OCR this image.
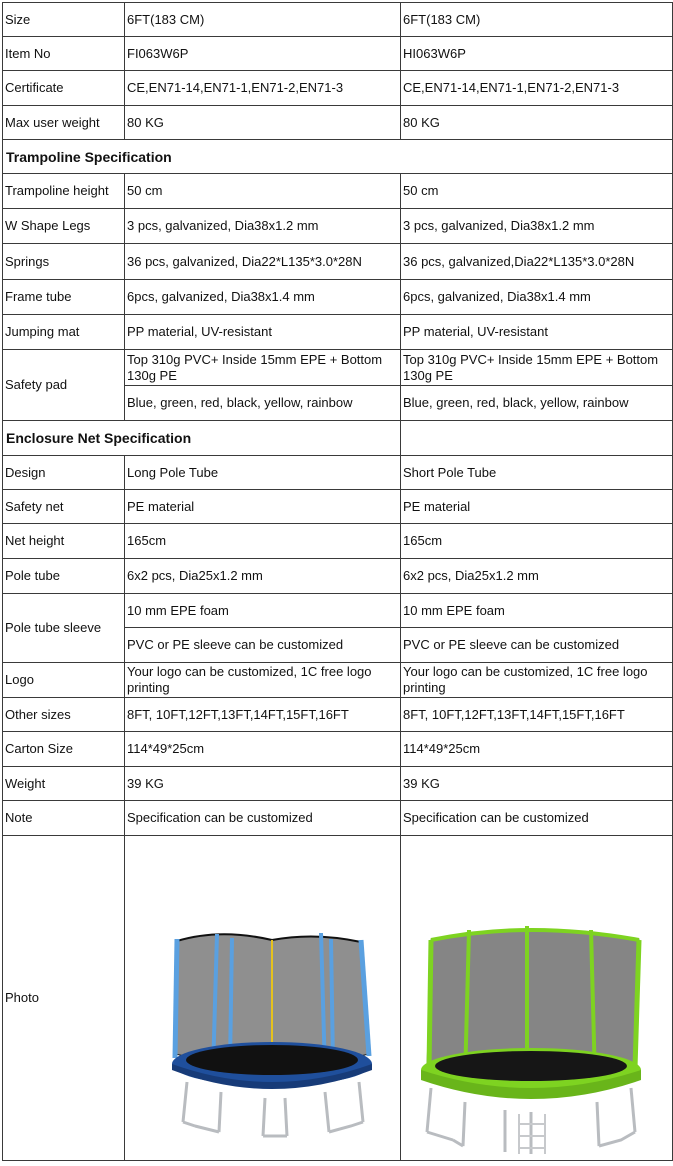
Size	6FT(183 CM)	6FT(183 CM)
Item No	FI063W6P	HI063W6P
Certificate	CE,EN71-14,EN71-1,EN71-2,EN71-3	CE,EN71-14,EN71-1,EN71-2,EN71-3
Max user weight	80 KG	80 KG
Trampoline Specification		
Trampoline height	50 cm	50 cm
W Shape Legs	3 pcs, galvanized, Dia38x1.2 mm	3 pcs, galvanized, Dia38x1.2 mm
Springs	36 pcs, galvanized, Dia22*L135*3.0*28N	36 pcs, galvanized,Dia22*L135*3.0*28N
Frame tube	6pcs, galvanized, Dia38x1.4 mm	6pcs, galvanized, Dia38x1.4 mm
Jumping mat	PP material, UV-resistant	PP material, UV-resistant
Safety pad	Top 310g PVC+ Inside 15mm EPE + Bottom 130g PE	Top 310g PVC+ Inside 15mm EPE + Bottom 130g PE
	Blue, green, red, black, yellow, rainbow	Blue, green, red, black, yellow, rainbow
Enclosure Net Specification		
Design	Long Pole Tube	Short Pole Tube
Safety net	PE material	PE material
Net height	165cm	165cm
Pole tube	6x2 pcs, Dia25x1.2 mm	6x2 pcs, Dia25x1.2 mm
Pole tube sleeve	10 mm EPE foam	10 mm EPE foam
	PVC or PE sleeve can be customized	PVC or PE sleeve can be customized
Logo	Your logo can be customized, 1C free logo printing	Your logo can be customized, 1C free logo printing
Other sizes	8FT, 10FT,12FT,13FT,14FT,15FT,16FT	8FT, 10FT,12FT,13FT,14FT,15FT,16FT
Carton Size	114*49*25cm	114*49*25cm
Weight	39 KG	39 KG
Note	Specification can be customized	Specification can be customized
Photo	
